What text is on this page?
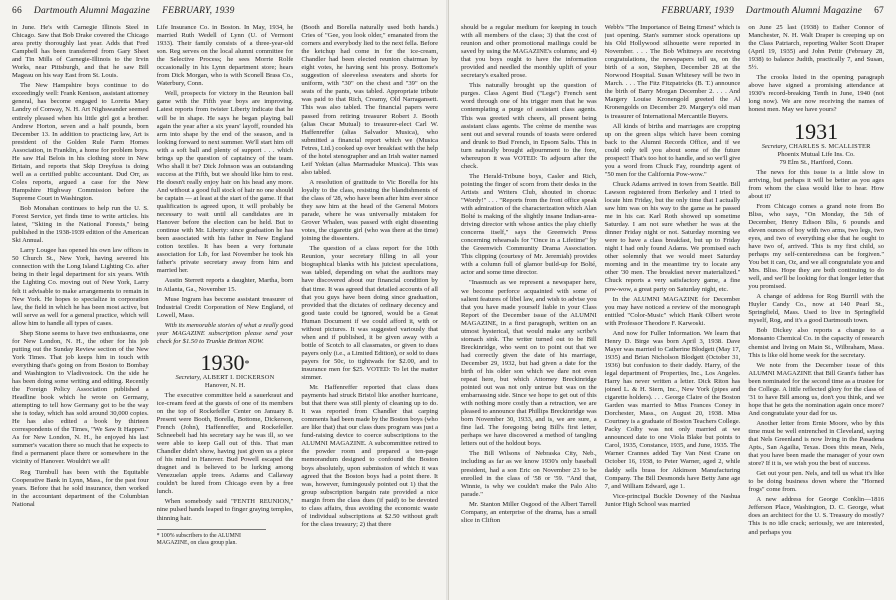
66 Dartmouth Alumni Magazine FEBRUARY, 1939

in June. He's with Carnegie Illinois Steel in Chicago. Saw that Bob Drake covered the Chicago area pretty thoroughly last year. Adds that Fred Campbell has been transferred from Gary Sheet and Tin Mills of Carnegie-Illinois to the Irvin Works, near Pittsburgh, and that he saw Bill Mageau on his way East from St. Louis.

The New Hampshire boys continue to do exceedingly well: Frank Kenison, assistant attorney general, has become engaged to Loretta Mary Landry of Conway, N. H. Art Nighswander seemed entirely pleased when his little girl got a brother. Andrew Horton, seven and a half pounds, born December 13. In addition to practicing law, Art is president of the Golden Rule Farm Homes Association, in Franklin, a home for problem boys. He saw Hal Belois in his clothing store in New Britain, and reports that Skip Dreyfuss is doing well as a certified public accountant. Dud Orr, as Coles reports, argued a case for the New Hampshire Highway Commission before the Supreme Court in Washington.

Bob Monahan continues to help run the U. S. Forest Service, yet finds time to write articles. his latest, "Skiing in the National Forests," being published in the 1938-1939 edition of the American Ski Annual.

Larry Lougee has opened his own law offices in 50 Church St., New York, having severed his connection with the Long Island Lighting Co. after being in their legal department for six years. With the Lighting Co. moving out of New York, Larry felt it advisable to make arrangements to remain in New York. He hopes to specialize in corporation law, the field in which he has been most active, but will serve as well for a general practice, which will allow him to handle all types of cases.

Shep Stone seems to have two enthusiasms, one for New London, N. H., the other for his job putting out the Sunday Review section of the New York Times. That job keeps him in touch with everything that's going on from Boston to Bombay and Washington to Vladivostock. On the side he has been doing some writing and editing. Recently the Foreign Policy Association published a Headline book which he wrote on Germany, attempting to tell how Germany got to be the way she is today, which has sold around 30,000 copies. He has also edited a book by thirteen correspondents of the Times, "We Saw It Happen." As for New London, N. H., he enjoyed his last summer's vacation there so much that he expects to find a permanent place there or somewhere in the vicinity of Hanover. Wouldn't we all!

Reg Turnbull has been with the Equitable Cooperative Bank in Lynn, Mass., for the past four years. Before that he sold insurance, then worked in the accountant department of the Columbian National

Life Insurance Co. in Boston. In May, 1934, he married Ruth Wedell of Lynn (U. of Vermont 1933). Their family consists of a three-year-old son. Reg serves on the local alumni committee for the Selective Process; he sees Morrie Rolfe occasionally in his Lynn department store; hears from Dick Morgan, who is with Sconell Brass Co., Waterbury, Conn.

Well, prospects for victory in the Reunion ball game with the Fifth year boys are improving. Latest reports from twister Liberty indicate that he will be in shape. He says he began playing ball again the year after a six years' layoff, rounded his arm into shape by the end of the season, and is looking forward to next summer. We'll start him off with a soft ball and plenty of support . . . which brings up the question of captaincy of the team. Who shall it be? Dick Johnson was an outstanding success at the Fifth, but we should like him to rest. He doesn't really enjoy hair on his head any more. And without a good full stock of hair no one should be captain — at least at the start of the game. If that qualification is agreed upon, it will probably be necessary to wait until all candidates are in Hanover before the election can be held. But to continue with Mr. Liberty: since graduation he has been associated with his father in New England cotton textiles. It has been a very fortunate association for Lib, for last November he took his father's private secretary away from him and married her.

Austin Sterrett reports a daughter, Martha, born in Atlanta, Ga., November 15.

Muse Ingram has become assistant treasurer of Industrial Credit Corporation of New England, of Lowell, Mass.

With its memorable stories of what a really good year MAGAZINE subscription please send your check for $1.50 to Trunkie Britton NOW.

1930*
Secretary, ALBERT I. DICKERSON
Hanover, N. H.

The executive committee held a sauerkraut and ice-cream feed at the guests of one of its members on the top of Rockefeller Center on January 8. Present were Booth, Borella, Bottome, Dickerson, French (John), Haffenreffer, and Rockefeller. Schneebeli had his secretary say he was ill, so we were able to keep Gall out of this. That man Chandler didn't show, having just given us a piece of his mind in Hanover. Bud Powell escaped the dragnet and is believed to be lurking among Venezuelan apple trees. Adams and Callaway couldn't be lured from Chicago even by a free lunch.

When somebody said "FENTH REUNION," nine pulsed hands leaped to finger graying temples, thinning hair.

* 100% subscribers to the ALUMNI MAGAZINE, on class group plan.

(Booth and Borella naturally used both hands.) Cries of "Gee, you look older," emanated from the corners and everybody lied to the next fella. Before the ketchup had come in for the ice-cream, Chandler had been elected reunion chairman by eight votes, he having sent his proxy. Bottome's suggestion of sleeveless sweaters and shorts for uniform, with "30" on the chest and "39" on the seats of the pants, was tabled. Appropriate tribute was paid to that Rich, Creamy, Old Narragansett. This was also tabled. The financial papers were passed from retiring treasurer Robert J. Booth (alias Oscar Mutual) to treasurer-elect Carl W. Haffenreffer (alias Salvador Musica), who submitted a financial report which we (Musica Fetres, Ltd.) cooked up over breakfast with the help of the hotel stenographer and an Irish waiter named Leif Yoktan (alias Marmaduke Musica). This was also tabled.

A resolution of gratitude to Vic Borella for his loyalty to the class, resisting the blandishments of the class of '28, who have been after him ever since they saw him at the head of the General Motors parade, where he was universally mistaken for Grover Whalen, was passed with eight dissenting votes, the cigarette girl (who was there at the time) joining the dissenters.

The question of a class report for the 10th Reunion, your secretary filling in all your biographical blanks with his juiciest speculations, was tabled, depending on what the auditors may have discovered about our financial condition by that time. It was agreed that detailed accounts of all that you guys have been doing since graduation, provided that the dictates of ordinary decency and good taste could be ignored, would be a Great Human Document if we could afford it, with or without pictures. It was suggested variously that when and if published, it be given away with a bottle of Scotch to all classmates, or given to dues payers only (i.e., a Limited Edition), or sold to dues payers for 50c, to tightwads for $2.00, and to insurance men for $25. VOTED: To let the matter simmer.

Mr. Haffenreffer reported that class dues payments had struck Bristol like another hurricane, but that there was still plenty of cleaning up to do. It was reported from Chandler that carping comments had been made by the Boston boys (who are like that) that our class dues program was just a fund-raising device to coerce subscriptions to the ALUMNI MAGAZINE. A subcommittee retired to the powder room and prepared a ten-page memorandum designed to confound the Boston boys absolutely, upon submission of which it was agreed that the Boston boys had a point there. It was, however, fumingously pointed out 1) that the group subscription bargain rate provided a nice margin from the class dues (if paid) to be devoted to class affairs, thus avoiding the economic waste of individual subscriptions at $2.50 without graft for the class treasury; 2) that there

FEBRUARY, 1939 Dartmouth Alumni Magazine 67

should be a regular medium for keeping in touch with all members of the class; 3) that the cost of reunion and other promotional mailings could be saved by using the MAGAZINE's columns; and 4) that you boys ought to have the information provided and needled the monthly uplift of your secretary's exalted prose.

This naturally brought up the question of purges. Class Agent Bud ("Legs") French sent word through one of his trigger men that he was contemplating a purge of assistant class agents. This was greeted with cheers, all present being assistant class agents. The crème de menthe was sent out and several rounds of toasts were ordered and drunk to Bud French, in Epsom Salts. This in turn naturally brought adjournment to the fore, whereupon it was VOTED: To adjourn after the check.

The Herald-Tribune boys, Casler and Rich, pointing the finger of scorn from their desks in the Artists and Writers Club, shouted in chorus: "Wordy!" . . . "Reports from the front office speak with admiration of the characterization which Alan Bolté is making of the slightly insane Indian-area-driving director with whose antics the play chiefly concerns itself," says the Greenwich Press concerning rehearsals for "Once in a Lifetime" by the Greenwich Community Drama Association. This clipping (courtesy of Mr. Jeremiah) provides with a column full of glamor build-up for Bolté, actor and some time director.

"Inasmuch as we represent a newspaper here, we become perforce acquainted with some of salient features of libel law, and wish to advise you that you have made yourself liable in your Class Report of the December issue of the ALUMNI MAGAZINE, in a first paragraph, written on an utmost hysterical, that would make any scribe's stomach sink. The writer turned out to be Bill Breckinridge, who went on to point out that we had correctly given the date of his marriage, December 29, 1932, but had given a date for the birth of his older son which we dare not even repeat here, but which Attorney Breckinridge pointed out was not only untrue but was on the embarrassing side. Since we hope to get out of this with nothing more costly than a retraction, we are pleased to announce that Phillips Breckinridge was born November 30, 1933, and is, we are sure, a fine lad. The foregoing being Bill's first letter, perhaps we have discovered a method of tangling letters out of the holdout boys.

The Bill Wilsons of Nebraska City, Neb., including as far as we know 1930's only baseball president, had a son Eric on November 23 to be enrolled in the class of '58 or '59. "And that, Winnie, is why we couldn't make the Palo Alto parade."

Mr. Stanton Miller Osgood of the Albert Tarrell Company, an enterprise of the drama, has a small slice in Clifton

Webb's "The Importance of Being Ernest" which is just opening. Stan's summer stock operations up his Old Hollywood silhouette were reported in November. . . . The Bob Whitneys are receiving congratulations, the newspapers tell us, on the birth of a son, Stephen, December 28 at the Norwood Hospital. Susan Whitesey will be two in March. . . . The Fitz Fitzpatricks (B. T.) announce the birth of Barry Morgan December 2. . . . And Margery Louise Kronengold greeted the Al Kronengolds on December 29. Margery's old man is treasurer of International Mercantile Buyers.

All kinds of births and marriages are cropping up on the green slips which have been coming back to the Alumni Records Office, and if we could only tell you about some of the future prospect! That's too hot to handle, and so we'll give you a word from Chuck Fay, roundtrip agent of "50 men for the California Pow-wow."

Chuck Adams arrived in town from Seattle. Bill Lawson registered from Berkeley and I tried to locate him Friday, but the only time that I actually saw him was on his way to the game as he passed me in his car. Karl Roth showed up sometime Saturday. I am not sure whether he was at the dinner Friday night or not. Saturday morning we were to have a class breakfast, but up to Friday night I had only found Adams. We promised each other solemnly that we would meet Saturday morning and in the meantime try to locate any other '30 men. The breakfast never materialized." Chuck reports a very satisfactory game, a fine pow-wow, a great party on Saturday night, etc.

In the ALUMNI MAGAZINE for December you may have noticed a review of the monograph entitled "Color-Music" which Hank Olbert wrote with Professor Theodore F. Karwoski.

And now for Fuller Information. We learn that Henry D. Birge was born April 3, 1938. Dave Mayer was married to Catherine Blodgett (May 17, 1935) and Brian Nicholson Blodgett (October 31, 1936) but confusion to their daddy. Harry, of the legal department of Properties, Inc., Los Angeles. Harry has never written a letter. Dick Riton has joined L. & H. Stern, Inc., New York (pipes and cigarette holders). . . . George Claire of the Boston Garden was married to Miss Frances Coney in Dorchester, Mass., on August 20, 1938. Miss Courtney is a graduate of Boston Teachers College. Packy Colby was not only married at we announced date to one Viola Blake but points to Carol, 1935, Constance, 1935, and June, 1935. The Warner Crannes added Tay Van Nest Crane on October 16, 1938, to Peter Warner, aged 2, while daddy sells brass for Atkinson Manufacturing Company. The Bill Desmonds have Betty Jane age 7, and William Edward, age 1.

Vice-principal Buckle Downey of the Nashua Junior High School was married

on June 25 last (1938) to Esther Connor of Manchester, N. H. Walt Draper is creeping up on the Class Patriarch, reporting Walter Scott Draper (April 19, 1935) and John Pettir (February 28, 1938) to balance Judith, practically 7, and Susan, 5½.

The crooks listed in the opening paragraph above have signed a promising attendance at 1930's record-breaking Tenth in June, 1940 (not long now). We are now receiving the names of honest men. May we have yours?

1931
Secretary, CHARLES S. MCALLISTER
Phoenix Mutual Life Ins. Co.
79 Elm St., Hartford, Conn.

The news for this issue is a little slow in arriving, but perhaps it will be better as you ages from whom the class would like to hear. How about it?

From Chicago comes a grand note from Bo Bliss, who says, "On Monday, the 5th of December, Henry Edison Blis, 6 pounds and eleven ounces of boy with two arms, two legs, two eyes, and two of everything else that he ought to have two of, arrived. This is my first child, so perhaps my self-centeredness can be forgiven." You bet it can, Oz, and we all congratulate you and Mrs. Bliss. Hope they are both continuing to do well, and we'll be looking for that longer letter that you promised.

A change of address for Rog Burrill with the Huyler Candy Co., now at 140 Pearl St., Springfield, Mass. Used to live in Springfield myself, Rog, and it's a good Dartmouth town.

Bob Dickey also reports a change to a Monsanto Chemical Co. in the capacity of research chemist and living on Main St., Wilbraham, Mass. This is like old home week for the secretary.

We note from the December issue of this ALUMNI MAGAZINE that Bill Grant's father has been nominated for the second time as a trustee for the College. A little reflected glory for the class of '31 to have Bill among us, don't you think, and we hope that he gets the nomination again once more? And congratulate your dad for us.

Another letter from Ernie Moore, who by this time must be well entrenched in Cleveland, saying that Nels Greenland is now living in the Pasadena Apts., San Agailia, Texas. Does this mean, Nels, that you have been made the manager of your own store? If it is, we wish you the best of success.

Get out your pen. Nels, and tell us what it's like to be doing business down where the "Horned frogs" come from.

A new address for George Conklin—1816 Jefferson Place, Washington, D. C. George, what does an architect for the U. S. Treasury do mostly? This is no idle crack; seriously, we are interested, and perhaps you
